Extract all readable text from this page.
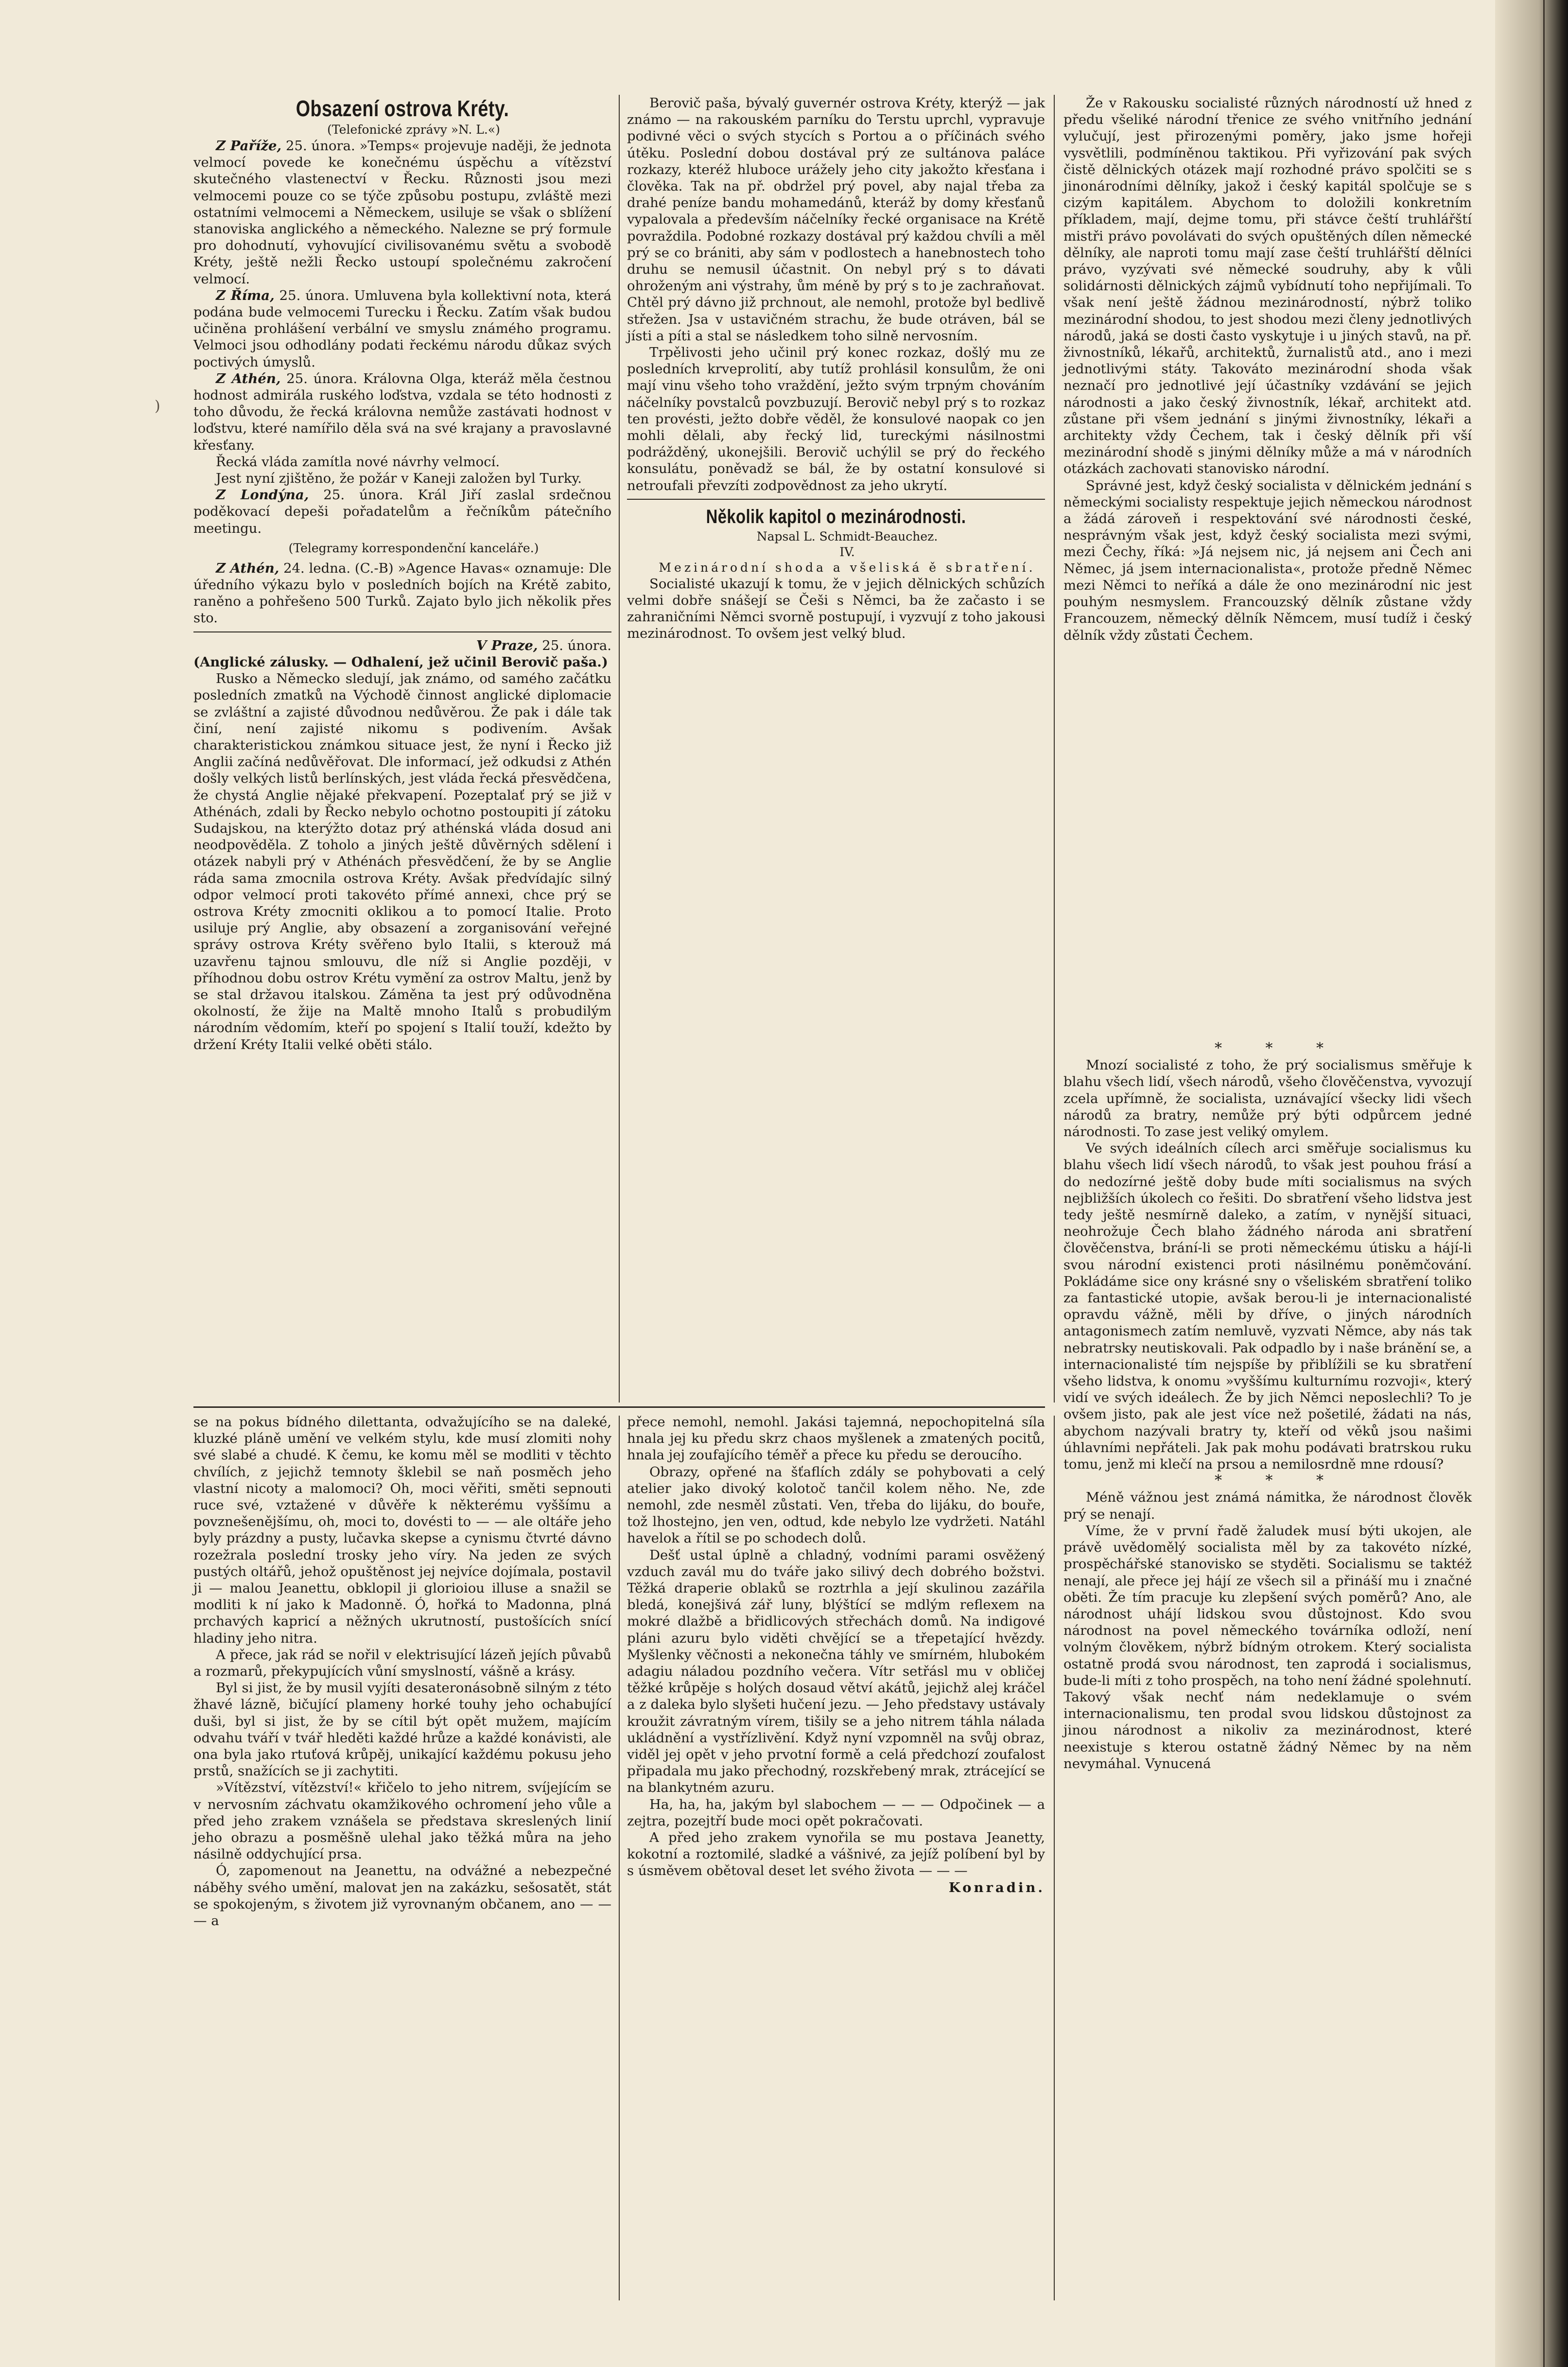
)
Obsazení ostrova Kréty.

(Telefonické zprávy »N. L.«)

Z Paříže, 25. února. »Temps« projevuje naději, že jednota velmocí povede ke konečnému úspěchu a vítězství skutečného vlastenectví v Řecku. Různosti jsou mezi velmocemi pouze co se týče způsobu postupu, zvláště mezi ostatními velmocemi a Německem, usiluje se však o sblížení stanoviska anglického a německého. Nalezne se prý formule pro dohodnutí, vyhovující civilisovanému světu a svobodě Kréty, ještě nežli Řecko ustoupí společnému zakročení velmocí.

Z Říma, 25. února. Umluvena byla kollektivní nota, která podána bude velmocemi Turecku i Řecku. Zatím však budou učiněna prohlášení verbální ve smyslu známého programu. Velmoci jsou odhodlány podati řeckému národu důkaz svých poctivých úmyslů.

Z Athén, 25. února. Královna Olga, kteráž měla čestnou hodnost admirála ruského loďstva, vzdala se této hodnosti z toho důvodu, že řecká královna nemůže zastávati hodnost v loďstvu, které namířilo děla svá na své krajany a pravoslavné křesťany.

Řecká vláda zamítla nové návrhy velmocí.

Jest nyní zjištěno, že požár v Kaneji založen byl Turky.

Z Londýna, 25. února. Král Jiří zaslal srdečnou poděkovací depeši pořadatelům a řečníkům pátečního meetingu.

(Telegramy korrespondenční kanceláře.)

Z Athén, 24. ledna. (C.-B) »Agence Havas« oznamuje: Dle úředního výkazu bylo v posledních bojích na Krétě zabito, raněno a pohřešeno 500 Turků. Zajato bylo jich několik přes sto.

V Praze, 25. února.

(Anglické zálusky. — Odhalení, jež učinil Berovič paša.)

Rusko a Německo sledují, jak známo, od samého začátku posledních zmatků na Východě činnost anglické diplomacie se zvláštní a zajisté důvodnou nedůvěrou. Že pak i dále tak činí, není zajisté nikomu s podivením. Avšak charakteristickou známkou situace jest, že nyní i Řecko již Anglii začíná nedůvěřovat. Dle informací, jež odkudsi z Athén došly velkých listů berlínských, jest vláda řecká přesvědčena, že chystá Anglie nějaké překvapení. Pozeptalať prý se již v Athénách, zdali by Řecko nebylo ochotno postoupiti jí zátoku Sudajskou, na kterýžto dotaz prý athénská vláda dosud ani neodpověděla. Z toholo a jiných ještě důvěrných sdělení i otázek nabyli prý v Athénách přesvědčení, že by se Anglie ráda sama zmocnila ostrova Kréty. Avšak předvídajíc silný odpor velmocí proti takovéto přímé annexi, chce prý se ostrova Kréty zmocniti oklikou a to pomocí Italie. Proto usiluje prý Anglie, aby obsazení a zorganisování veřejné správy ostrova Kréty svěřeno bylo Italii, s kterouž má uzavřenu tajnou smlouvu, dle níž si Anglie později, v příhodnou dobu ostrov Krétu vymění za ostrov Maltu, jenž by se stal državou italskou. Záměna ta jest prý odůvodněna okolností, že žije na Maltě mnoho Italů s probudilým národním vědomím, kteří po spojení s Italií touží, kdežto by držení Kréty Italii velké oběti stálo.

Berovič paša, bývalý guvernér ostrova Kréty, kterýž — jak známo — na rakouském parníku do Terstu uprchl, vypravuje podivné věci o svých stycích s Portou a o příčinách svého útěku. Poslední dobou dostával prý ze sultánova paláce rozkazy, kteréž hluboce urážely jeho city jakožto křesťana i člověka. Tak na př. obdržel prý povel, aby najal třeba za drahé peníze bandu mohamedánů, kteráž by domy křesťanů vypalovala a především náčelníky řecké organisace na Krétě povraždila. Podobné rozkazy dostával prý každou chvíli a měl prý se co brániti, aby sám v podlostech a hanebnostech toho druhu se nemusil účastnit. On nebyl prý s to dávati ohroženým ani výstrahy, ům méně by prý s to je zachraňovat. Chtěl prý dávno již prchnout, ale nemohl, protože byl bedlivě střežen. Jsa v ustavičném strachu, že bude otráven, bál se jísti a píti a stal se následkem toho silně nervosním.

Trpělivosti jeho učinil prý konec rozkaz, došlý mu ze posledních krveprolití, aby tutíž prohlásil konsulům, že oni mají vinu všeho toho vraždění, ježto svým trpným chováním náčelníky povstalců povzbuzují. Berovič nebyl prý s to rozkaz ten provésti, ježto dobře věděl, že konsulové naopak co jen mohli dělali, aby řecký lid, tureckými násilnostmi podrážděný, ukonejšili. Berovič uchýlil se prý do řeckého konsulátu, poněvadž se bál, že by ostatní konsulové si netroufali převzíti zodpovědnost za jeho ukrytí.

Několik kapitol o mezinárodnosti.

Napsal L. Schmidt-Beauchez.

IV.

Mezinárodní shoda a všeliská ě sbratření.

Socialisté ukazují k tomu, že v jejich dělnických schůzích velmi dobře snášejí se Češi s Němci, ba že začasto i se zahraničními Němci svorně postupují, i vyzvují z toho jakousi mezinárodnost. To ovšem jest velký blud.

Že v Rakousku socialisté různých národností už hned z předu všeliké národní třenice ze svého vnitřního jednání vylučují, jest přirozenými poměry, jako jsme hořeji vysvětlili, podmíněnou taktikou. Při vyřizování pak svých čistě dělnických otázek mají rozhodné právo spolčiti se s jinonárodními dělníky, jakož i český kapitál spolčuje se s cizým kapitálem. Abychom to doložili konkretním příkladem, mají, dejme tomu, při stávce čeští truhlářští mistři právo povolávati do svých opuštěných dílen německé dělníky, ale naproti tomu mají zase čeští truhlářští dělníci právo, vyzývati své německé soudruhy, aby k vůli solidárnosti dělnických zájmů vybídnutí toho nepřijímali. To však není ještě žádnou mezinárodností, nýbrž toliko mezinárodní shodou, to jest shodou mezi členy jednotlivých národů, jaká se dosti často vyskytuje i u jiných stavů, na př. živnostníků, lékařů, architektů, žurnalistů atd., ano i mezi jednotlivými státy. Takováto mezinárodní shoda však neznačí pro jednotlivé její účastníky vzdávání se jejich národnosti a jako český živnostník, lékař, architekt atd. zůstane při všem jednání s jinými živnostníky, lékaři a architekty vždy Čechem, tak i český dělník při vší mezinárodní shodě s jinými dělníky může a má v národních otázkách zachovati stanovisko národní.

Správné jest, když český socialista v dělnickém jednání s německými socialisty respektuje jejich německou národnost a žádá zároveň i respektování své národnosti české, nesprávným však jest, když český socialista mezi svými, mezi Čechy, říká: »Já nejsem nic, já nejsem ani Čech ani Němec, já jsem internacionalista«, protože předně Němec mezi Němci to neříká a dále že ono mezinárodní nic jest pouhým nesmyslem. Francouzský dělník zůstane vždy Francouzem, německý dělník Němcem, musí tudíž i český dělník vždy zůstati Čechem.

se na pokus bídného dilettanta, odvažujícího se na daleké, kluzké pláně umění ve velkém stylu, kde musí zlomiti nohy své slabé a chudé. K čemu, ke komu měl se modliti v těchto chvílích, z jejichž temnoty šklebil se naň posměch jeho vlastní nicoty a malomoci? Oh, moci věřiti, směti sepnouti ruce své, vztažené v důvěře k některému vyššímu a povznešenějšímu, oh, moci to, dovésti to — — ale oltáře jeho byly prázdny a pusty, lučavka skepse a cynismu čtvrté dávno rozežrala poslední trosky jeho víry. Na jeden ze svých pustých oltářů, jehož opuštěnost jej nejvíce dojímala, postavil ji — malou Jeanettu, obklopil ji glorioiou illuse a snažil se modliti k ní jako k Madonně. Ó, hořká to Madonna, plná prchavých kapricí a něžných ukrutností, pustošících snící hladiny jeho nitra.

A přece, jak rád se nořil v elektrisující lázeň jejích půvabů a rozmarů, překypujících vůní smyslností, vášně a krásy.

Byl si jist, že by musil vyjíti desateronásobně silným z této žhavé lázně, bičující plameny horké touhy jeho ochabující duši, byl si jist, že by se cítil být opět mužem, majícím odvahu tváří v tvář hleděti každé hrůze a každé konávisti, ale ona byla jako rtuťová krůpěj, unikající každému pokusu jeho prstů, snažících se ji zachytiti.

»Vítězství, vítězství!« křičelo to jeho nitrem, svíjejícím se v nervosním záchvatu okamžikového ochromení jeho vůle a před jeho zrakem vznášela se představa skreslených linií jeho obrazu a posměšně ulehal jako těžká můra na jeho násilně oddychující prsa.

Ó, zapomenout na Jeanettu, na odvážné a nebezpečné náběhy svého umění, malovat jen na zakázku, sešosatět, stát se spokojeným, s životem již vyrovnaným občanem, ano — — — a

přece nemohl, nemohl. Jakási tajemná, nepochopitelná síla hnala jej ku předu skrz chaos myšlenek a zmatených pocitů, hnala jej zoufajícího téměř a přece ku předu se deroucího.

Obrazy, opřené na šťaflích zdály se pohybovati a celý atelier jako divoký kolotoč tančil kolem něho. Ne, zde nemohl, zde nesměl zůstati. Ven, třeba do lijáku, do bouře, tož lhostejno, jen ven, odtud, kde nebylo lze vydržeti. Natáhl havelok a řítil se po schodech dolů.

Dešť ustal úplně a chladný, vodními parami osvěžený vzduch zavál mu do tváře jako silivý dech dobrého božstvi. Těžká draperie oblaků se roztrhla a její skulinou zazářila bledá, konejšivá zář luny, blýštící se mdlým reflexem na mokré dlažbě a břidlicových střechách domů. Na indigové pláni azuru bylo viděti chvějící se a třepetající hvězdy. Myšlenky věčnosti a nekonečna táhly ve smírném, hlubokém adagiu náladou pozdního večera. Vítr setřásl mu v obličej těžké krůpěje s holých dosaud větví akátů, jejichž alej kráčel a z daleka bylo slyšeti hučení jezu. — Jeho představy ustávaly kroužit závratným vírem, tišily se a jeho nitrem táhla nálada ukládnění a vystřízlivění. Když nyní vzpomněl na svůj obraz, viděl jej opět v jeho prvotní formě a celá předchozí zoufalost připadala mu jako přechodný, rozskřebený mrak, ztrácející se na blankytném azuru.

Ha, ha, ha, jakým byl slabochem — — — Odpočinek — a zejtra, pozejtří bude moci opět pokračovati.

A před jeho zrakem vynořila se mu postava Jeanetty, kokotní a roztomilé, sladké a vášnivé, za jejíž políbení byl by s úsměvem obětoval deset let svého života — — —

Konradin.

* * *

Mnozí socialisté z toho, že prý socialismus směřuje k blahu všech lidí, všech národů, všeho člověčenstva, vyvozují zcela upřímně, že socialista, uznávající všecky lidi všech národů za bratry, nemůže prý býti odpůrcem jedné národnosti. To zase jest veliký omylem.

Ve svých ideálních cílech arci směřuje socialismus ku blahu všech lidí všech národů, to však jest pouhou frásí a do nedozírné ještě doby bude míti socialismus na svých nejbližších úkolech co řešiti. Do sbratření všeho lidstva jest tedy ještě nesmírně daleko, a zatím, v nynější situaci, neohrožuje Čech blaho žádného národa ani sbratření člověčenstva, brání-li se proti německému útisku a hájí-li svou národní existenci proti násilnému poněmčování. Pokládáme sice ony krásné sny o všeliském sbratření toliko za fantastické utopie, avšak berou-li je internacionalisté opravdu vážně, měli by dříve, o jiných národních antagonismech zatím nemluvě, vyzvati Němce, aby nás tak nebratrsky neutiskovali. Pak odpadlo by i naše bránění se, a internacionalisté tím nejspíše by přiblížili se ku sbratření všeho lidstva, k onomu »vyššímu kulturnímu rozvoji«, který vidí ve svých ideálech. Že by jich Němci neposlechli? To je ovšem jisto, pak ale jest více než pošetilé, žádati na nás, abychom nazývali bratry ty, kteří od věků jsou našimi úhlavními nepřáteli. Jak pak mohu podávati bratrskou ruku tomu, jenž mi klečí na prsou a nemilosrdně mne rdousí?

* * *

Méně vážnou jest známá námitka, že národnost člověk prý se nenají.

Víme, že v první řadě žaludek musí býti ukojen, ale právě uvědomělý socialista měl by za takovéto nízké, prospěchářské stanovisko se styděti. Socialismu se taktéž nenají, ale přece jej hájí ze všech sil a přináší mu i značné oběti. Že tím pracuje ku zlepšení svých poměrů? Ano, ale národnost uhájí lidskou svou důstojnost. Kdo svou národnost na povel německého továrníka odloží, není volným člověkem, nýbrž bídným otrokem. Který socialista ostatně prodá svou národnost, ten zaprodá i socialismus, bude-li míti z toho prospěch, na toho není žádné spolehnutí. Takový však nechť nám nedeklamuje o svém internacionalismu, ten prodal svou lidskou důstojnost za jinou národnost a nikoliv za mezinárodnost, které neexistuje s kterou ostatně žádný Němec by na něm nevymáhal. Vynucená
